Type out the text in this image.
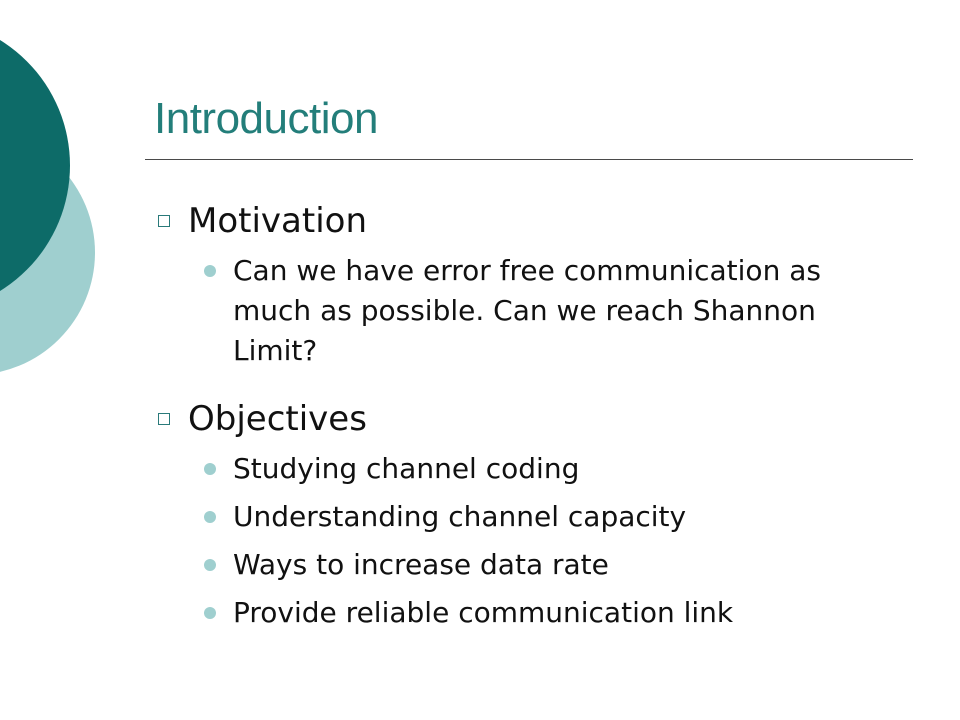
Introduction
Motivation
Can we have error free communication as much as possible. Can we reach Shannon Limit?
Objectives
Studying channel coding
Understanding channel capacity
Ways to increase data rate
Provide reliable communication link
